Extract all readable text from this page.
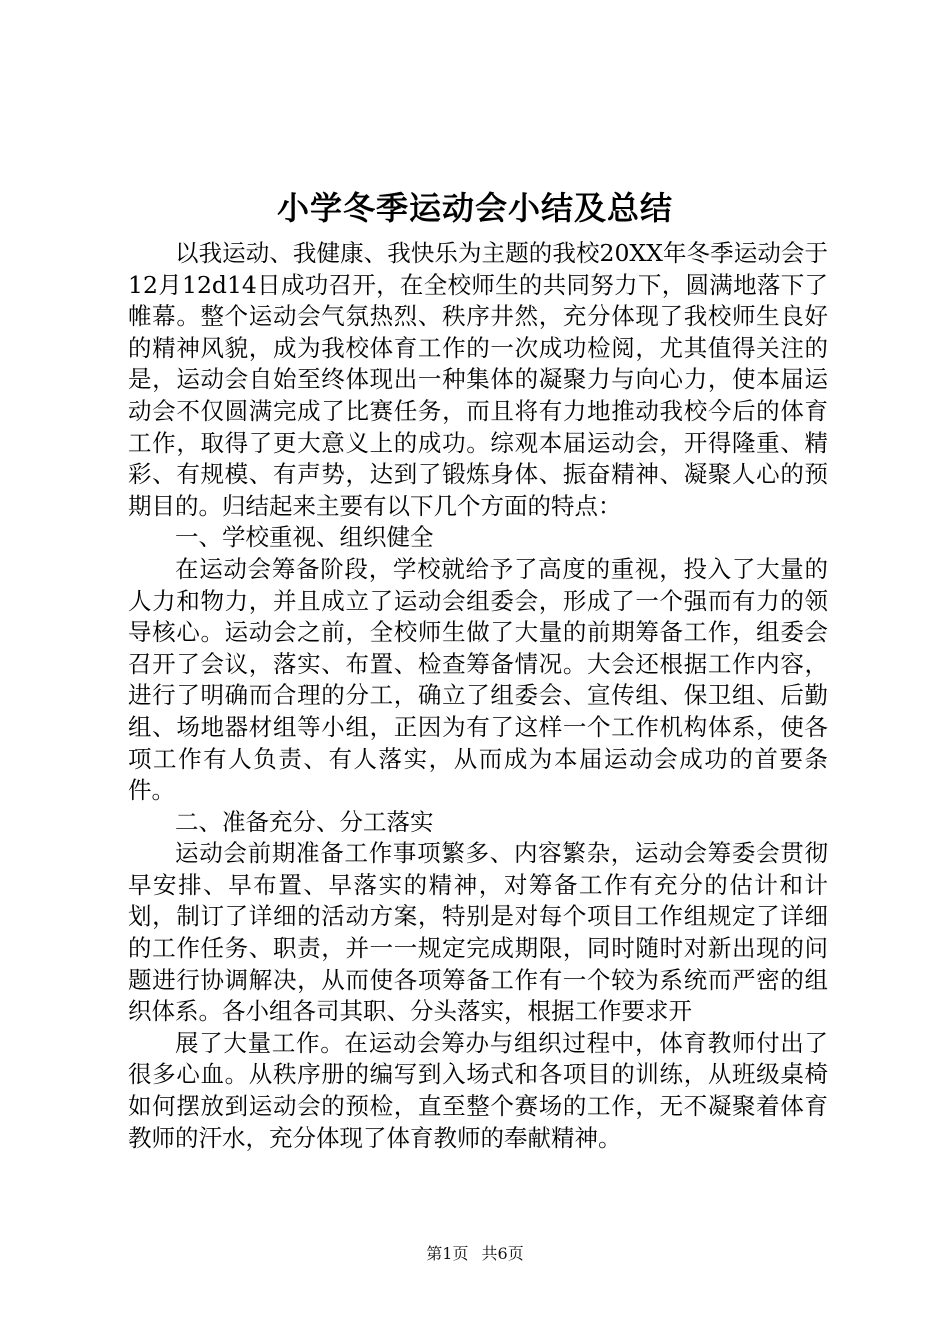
小学冬季运动会小结及总结

以我运动、我健康、我快乐为主题的我校20XX年冬季运动会于12月12d14日成功召开，在全校师生的共同努力下，圆满地落下了帷幕。整个运动会气氛热烈、秩序井然，充分体现了我校师生良好的精神风貌，成为我校体育工作的一次成功检阅，尤其值得关注的是，运动会自始至终体现出一种集体的凝聚力与向心力，使本届运动会不仅圆满完成了比赛任务，而且将有力地推动我校今后的体育工作，取得了更大意义上的成功。综观本届运动会，开得隆重、精彩、有规模、有声势，达到了锻炼身体、振奋精神、凝聚人心的预期目的。归结起来主要有以下几个方面的特点：

一、学校重视、组织健全

在运动会筹备阶段，学校就给予了高度的重视，投入了大量的人力和物力，并且成立了运动会组委会，形成了一个强而有力的领导核心。运动会之前，全校师生做了大量的前期筹备工作，组委会召开了会议，落实、布置、检查筹备情况。大会还根据工作内容，进行了明确而合理的分工，确立了组委会、宣传组、保卫组、后勤组、场地器材组等小组，正因为有了这样一个工作机构体系，使各项工作有人负责、有人落实，从而成为本届运动会成功的首要条件。

二、准备充分、分工落实

运动会前期准备工作事项繁多、内容繁杂，运动会筹委会贯彻早安排、早布置、早落实的精神，对筹备工作有充分的估计和计划，制订了详细的活动方案，特别是对每个项目工作组规定了详细的工作任务、职责，并一一规定完成期限，同时随时对新出现的问题进行协调解决，从而使各项筹备工作有一个较为系统而严密的组织体系。各小组各司其职、分头落实，根据工作要求开

展了大量工作。在运动会筹办与组织过程中，体育教师付出了很多心血。从秩序册的编写到入场式和各项目的训练，从班级桌椅如何摆放到运动会的预检，直至整个赛场的工作，无不凝聚着体育教师的汗水，充分体现了体育教师的奉献精神。

第1页 共6页
